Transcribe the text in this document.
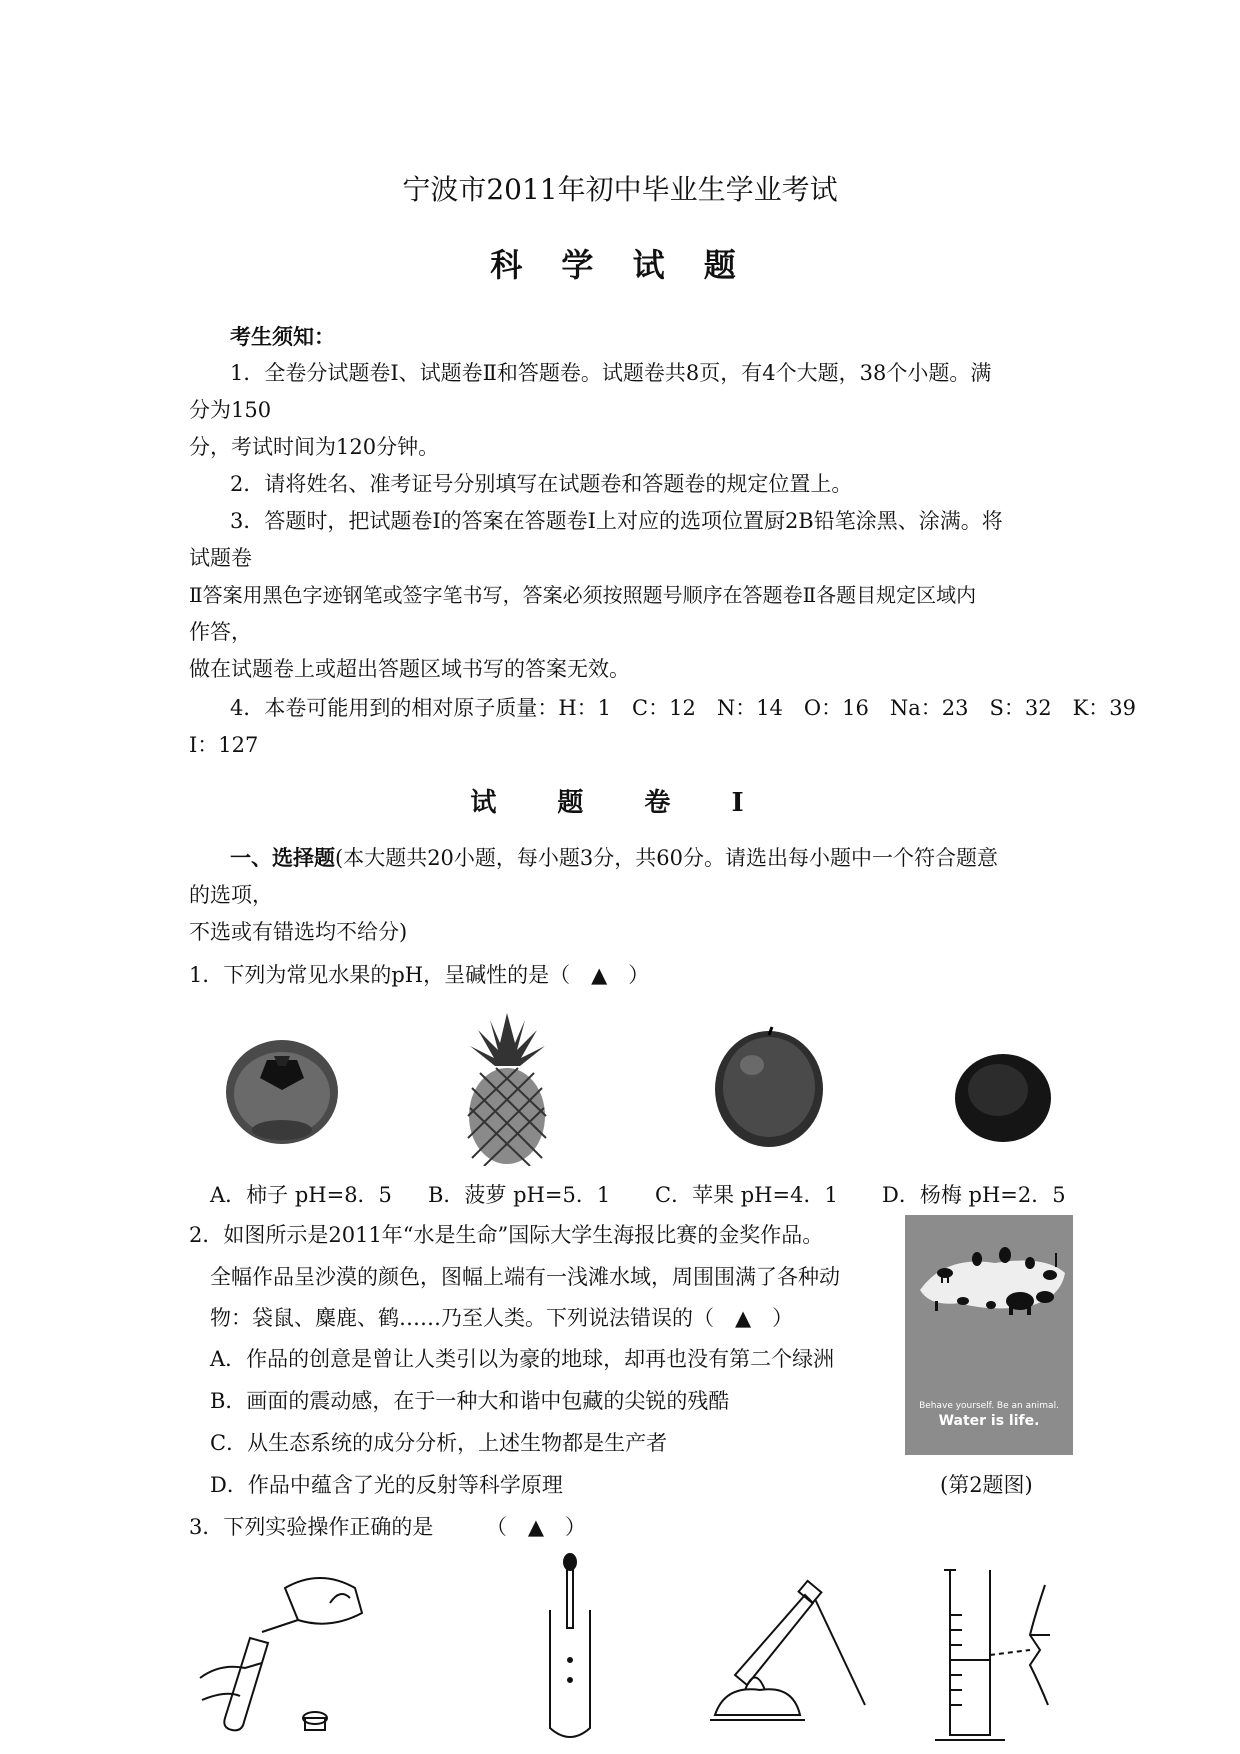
宁波市2011年初中毕业生学业考试
科 学 试 题
考生须知：
1．全卷分试题卷Ⅰ、试题卷Ⅱ和答题卷。试题卷共8页，有4个大题，38个小题。满
分为150
分，考试时间为120分钟。
2．请将姓名、准考证号分别填写在试题卷和答题卷的规定位置上。
3．答题时，把试题卷Ⅰ的答案在答题卷Ⅰ上对应的选项位置厨2B铅笔涂黑、涂满。将
试题卷
Ⅱ答案用黑色字迹钢笔或签字笔书写，答案必须按照题号顺序在答题卷Ⅱ各题目规定区域内
作答，
做在试题卷上或超出答题区域书写的答案无效。
4．本卷可能用到的相对原子质量：H：1　C：12　N：14　O：16　Na：23　S：32　K：39
I：127
试 题 卷 Ⅰ
一、选择题(本大题共20小题，每小题3分，共60分。请选出每小题中一个符合题意
的选项，
不选或有错选均不给分)
1．下列为常见水果的pH，呈碱性的是（　▲　）
A．柿子 pH=8．5 B．菠萝 pH=5．1 C．苹果 pH=4．1 D．杨梅 pH=2．5
2．如图所示是2011年“水是生命”国际大学生海报比赛的金奖作品。
全幅作品呈沙漠的颜色，图幅上端有一浅滩水域，周围围满了各种动
物：袋鼠、麋鹿、鹤……乃至人类。下列说法错误的（　▲　）
A．作品的创意是曾让人类引以为豪的地球，却再也没有第二个绿洲
B．画面的震动感，在于一种大和谐中包藏的尖锐的残酷
C．从生态系统的成分分析，上述生物都是生产者
D．作品中蕴含了光的反射等科学原理
Behave yourself. Be an animal.
Water is life.
(第2题图)
3．下列实验操作正确的是　　　（　▲　）
